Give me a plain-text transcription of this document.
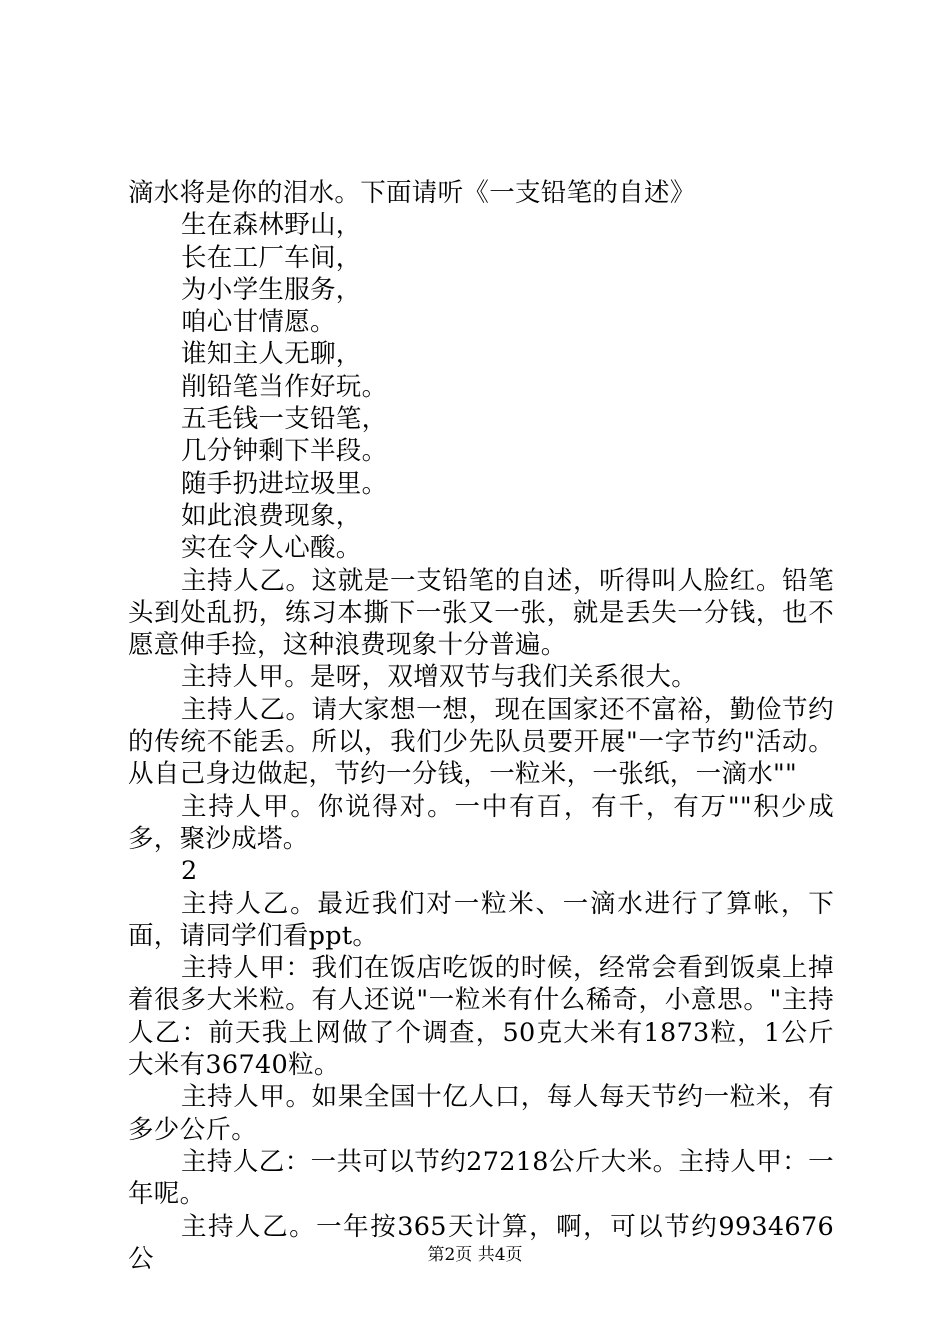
滴水将是你的泪水。下面请听《一支铅笔的自述》

生在森林野山，

长在工厂车间，

为小学生服务，

咱心甘情愿。

谁知主人无聊，

削铅笔当作好玩。

五毛钱一支铅笔，

几分钟剩下半段。

随手扔进垃圾里。

如此浪费现象，

实在令人心酸。

主持人乙。这就是一支铅笔的自述，听得叫人脸红。铅笔头到处乱扔，练习本撕下一张又一张，就是丢失一分钱，也不愿意伸手捡，这种浪费现象十分普遍。

主持人甲。是呀，双增双节与我们关系很大。

主持人乙。请大家想一想，现在国家还不富裕，勤俭节约的传统不能丢。所以，我们少先队员要开展"一字节约"活动。从自己身边做起，节约一分钱，一粒米，一张纸，一滴水""

主持人甲。你说得对。一中有百，有千，有万""积少成多，聚沙成塔。

2

主持人乙。最近我们对一粒米、一滴水进行了算帐，下面，请同学们看ppt。

主持人甲：我们在饭店吃饭的时候，经常会看到饭桌上掉着很多大米粒。有人还说"一粒米有什么稀奇，小意思。"主持人乙：前天我上网做了个调查，50克大米有1873粒，1公斤大米有36740粒。

主持人甲。如果全国十亿人口，每人每天节约一粒米，有多少公斤。

主持人乙：一共可以节约27218公斤大米。主持人甲：一年呢。

主持人乙。一年按365天计算，啊，可以节约9934676公	第2页 共4页
